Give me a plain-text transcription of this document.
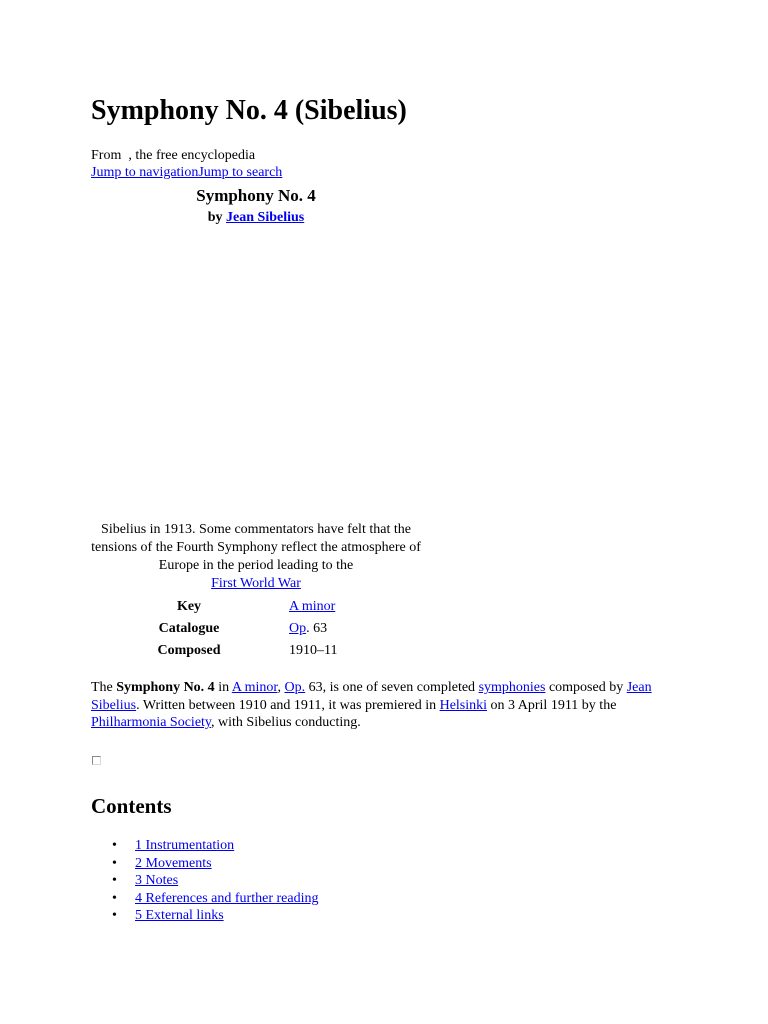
Symphony No. 4 (Sibelius)
From , the free encyclopedia
Jump to navigationJump to search
Symphony No. 4
by Jean Sibelius
Sibelius in 1913. Some commentators have felt that the tensions of the Fourth Symphony reflect the atmosphere of Europe in the period leading to the
First World War
Key	A minor
Catalogue	Op. 63
Composed	1910–11

The Symphony No. 4 in A minor, Op. 63, is one of seven completed symphonies composed by Jean Sibelius. Written between 1910 and 1911, it was premiered in Helsinki on 3 April 1911 by the Philharmonia Society, with Sibelius conducting.

Contents
• 1 Instrumentation
• 2 Movements
• 3 Notes
• 4 References and further reading
• 5 External links
